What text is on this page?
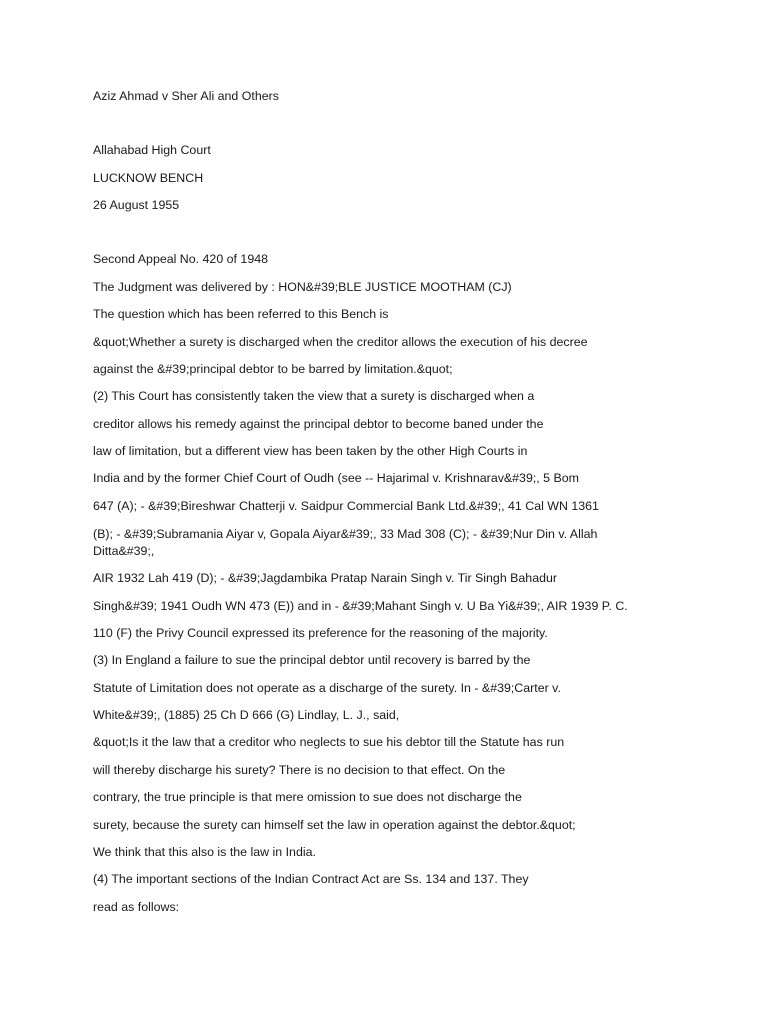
Aziz Ahmad v Sher Ali and Others
Allahabad High Court
LUCKNOW BENCH
26 August 1955
Second Appeal No. 420 of 1948
The Judgment was delivered by : HON&#39;BLE JUSTICE MOOTHAM (CJ)
The question which has been referred to this Bench is
&quot;Whether a surety is discharged when the creditor allows the execution of his decree
against the &#39;principal debtor to be barred by limitation.&quot;
(2) This Court has consistently taken the view that a surety is discharged when a
creditor allows his remedy against the principal debtor to become baned under the
law of limitation, but a different view has been taken by the other High Courts in
India and by the former Chief Court of Oudh (see -- Hajarimal v. Krishnarav&#39;, 5 Bom
647 (A); - &#39;Bireshwar Chatterji v. Saidpur Commercial Bank Ltd.&#39;, 41 Cal WN 1361
(B); - &#39;Subramania Aiyar v, Gopala Aiyar&#39;, 33 Mad 308 (C); - &#39;Nur Din v. Allah
Ditta&#39;,
AIR 1932 Lah 419 (D); - &#39;Jagdambika Pratap Narain Singh v. Tir Singh Bahadur
Singh&#39; 1941 Oudh WN 473 (E)) and in - &#39;Mahant Singh v. U Ba Yi&#39;, AIR 1939 P. C.
110 (F) the Privy Council expressed its preference for the reasoning of the majority.
(3) In England a failure to sue the principal debtor until recovery is barred by the
Statute of Limitation does not operate as a discharge of the surety. In - &#39;Carter v.
White&#39;, (1885) 25 Ch D 666 (G) Lindlay, L. J., said,
&quot;Is it the law that a creditor who neglects to sue his debtor till the Statute has run
will thereby discharge his surety? There is no decision to that effect. On the
contrary, the true principle is that mere omission to sue does not discharge the
surety, because the surety can himself set the law in operation against the debtor.&quot;
We think that this also is the law in India.
(4) The important sections of the Indian Contract Act are Ss. 134 and 137. They
read as follows:
